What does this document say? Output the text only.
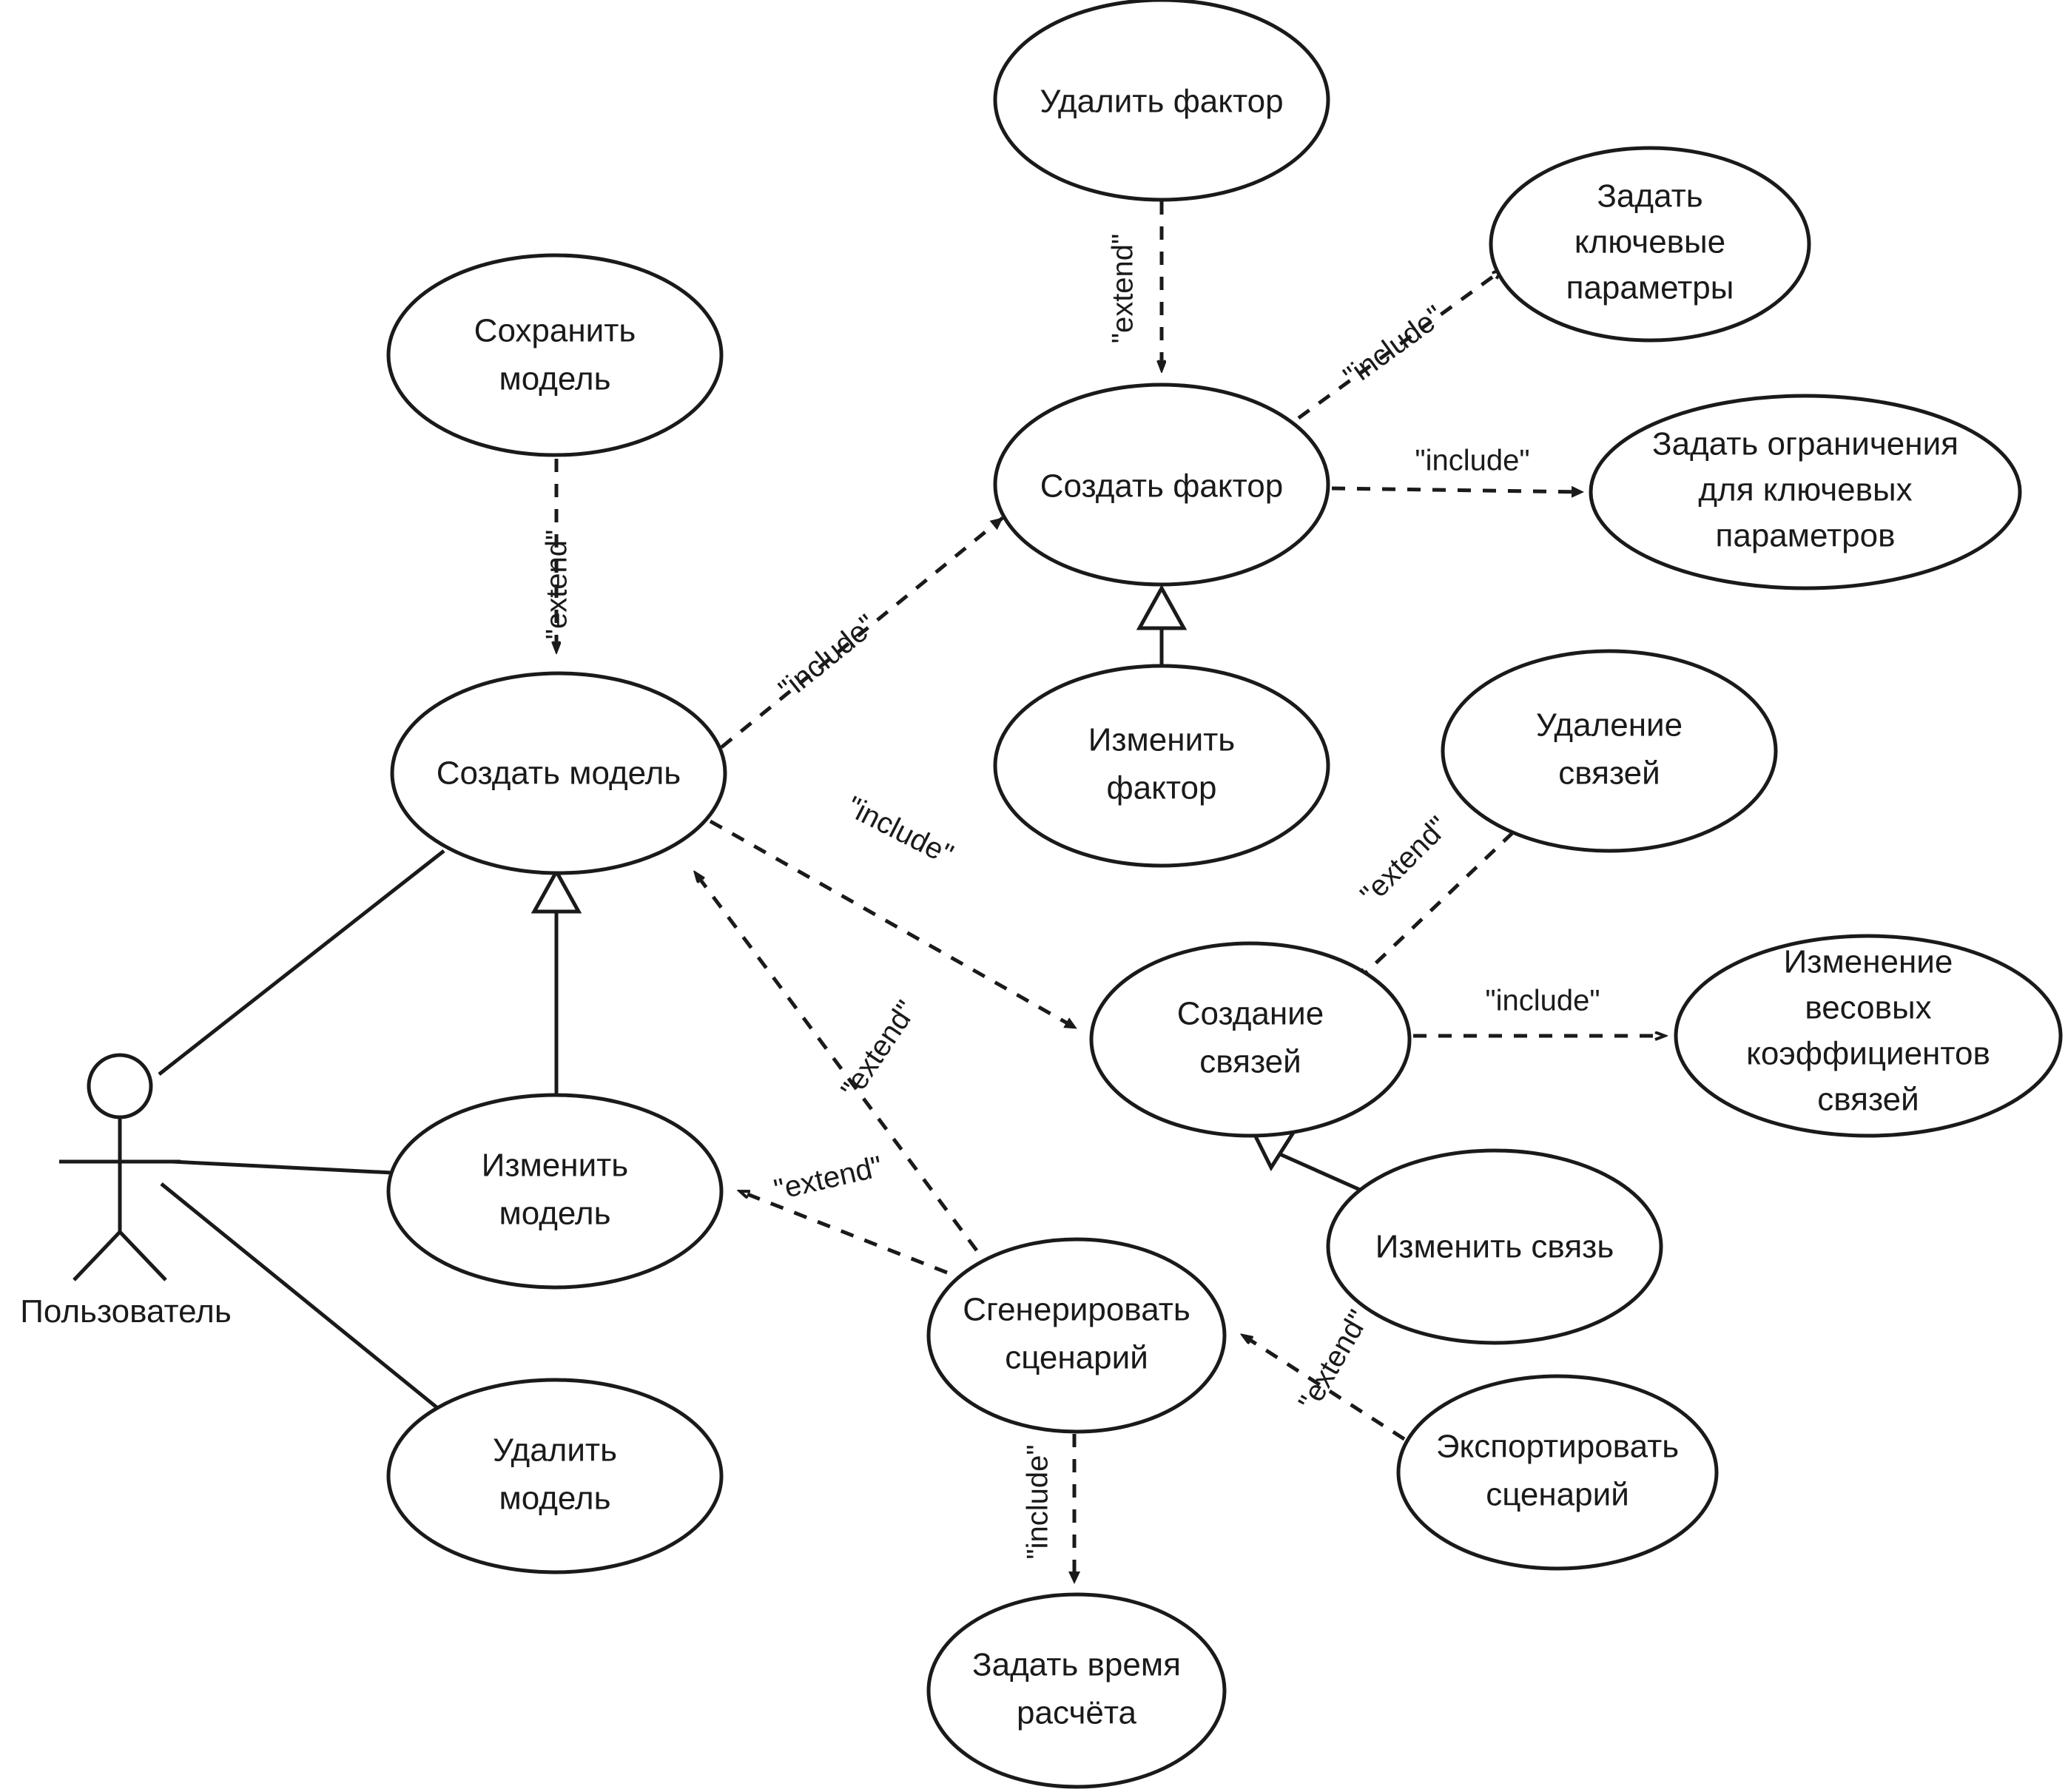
Пользователь
"extend"
"extend"
"include"
"include"
"include"
"include"	"extend"
"include"
"extend"
"extend"
"include"
"extend"
Сохранить
модель
Удалить фактор
Задать
ключевые
параметры
Создать фактор
Задать ограничения
для ключевых
параметров
Создать модель
Изменить
фактор
Удаление
связей
Создание
связей
Изменение
весовых
коэффициентов
связей
Изменить
модель
Изменить связь
Сгенерировать
сценарий
Экспортировать
сценарий
Удалить
модель
Задать время
расчёта
